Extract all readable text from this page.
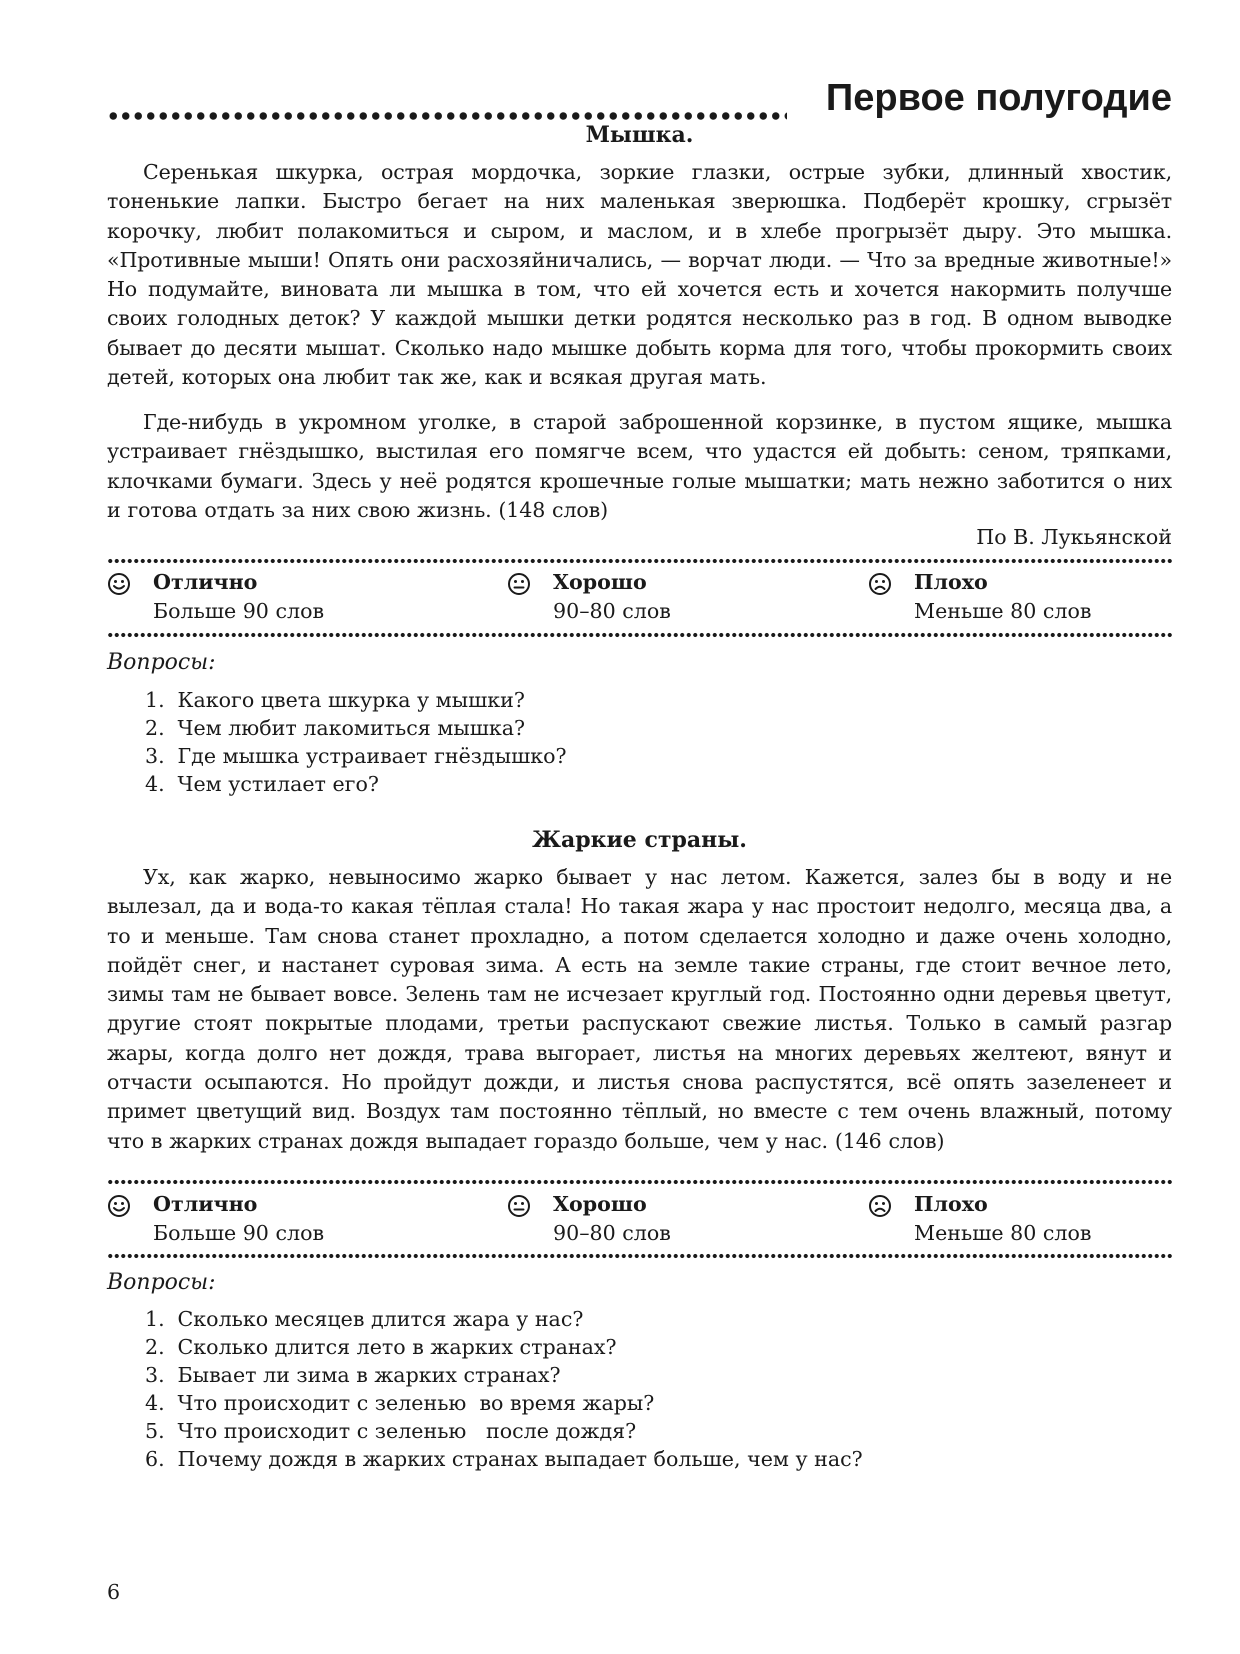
Первое полугодие
Мышка.

Серенькая шкурка, острая мордочка, зоркие глазки, острые зубки, длинный хвостик, тоненькие лапки. Быстро бегает на них маленькая зверюшка. Подберёт крошку, сгрызёт корочку, любит полакомиться и сыром, и маслом, и в хлебе прогрызёт дыру. Это мышка. «Противные мыши! Опять они расхозяйничались, — ворчат люди. — Что за вредные животные!» Но подумайте, виновата ли мышка в том, что ей хочется есть и хочется накормить получше своих голодных деток? У каждой мышки детки родятся несколько раз в год. В одном выводке бывает до десяти мышат. Сколько надо мышке добыть корма для того, чтобы прокормить своих детей, которых она любит так же, как и всякая другая мать.

Где-нибудь в укромном уголке, в старой заброшенной корзинке, в пустом ящике, мышка устраивает гнёздышко, выстилая его помягче всем, что удастся ей добыть: сеном, тряпками, клочками бумаги. Здесь у неё родятся крошечные голые мышатки; мать нежно заботится о них и готова отдать за них свою жизнь. (148 слов)

По В. Лукьянской
Отлично
Больше 90 слов
Хорошо
90–80 слов
Плохо
Меньше 80 слов
Вопросы:
1. Какого цвета шкурка у мышки?
2. Чем любит лакомиться мышка?
3. Где мышка устраивает гнёздышко?
4. Чем устилает его?
Жаркие страны.

Ух, как жарко, невыносимо жарко бывает у нас летом. Кажется, залез бы в воду и не вылезал, да и вода-то какая тёплая стала! Но такая жара у нас простоит недолго, месяца два, а то и меньше. Там снова станет прохладно, а потом сделается холодно и даже очень холодно, пойдёт снег, и настанет суровая зима. А есть на земле такие страны, где стоит вечное лето, зимы там не бывает вовсе. Зелень там не исчезает круглый год. Постоянно одни деревья цветут, другие стоят покрытые плодами, третьи распускают свежие листья. Только в самый разгар жары, когда долго нет дождя, трава выгорает, листья на многих деревьях желтеют, вянут и отчасти осыпаются. Но пройдут дожди, и листья снова распустятся, всё опять зазеленеет и примет цветущий вид. Воздух там постоянно тёплый, но вместе с тем очень влажный, потому что в жарких странах дождя выпадает гораздо больше, чем у нас. (146 слов)

Отлично
Больше 90 слов
Хорошо
90–80 слов
Плохо
Меньше 80 слов
Вопросы:
1. Сколько месяцев длится жара у нас?
2. Сколько длится лето в жарких странах?
3. Бывает ли зима в жарких странах?
4. Что происходит с зеленью  во время жары?
5. Что происходит с зеленью   после дождя?
6. Почему дождя в жарких странах выпадает больше, чем у нас?
6
